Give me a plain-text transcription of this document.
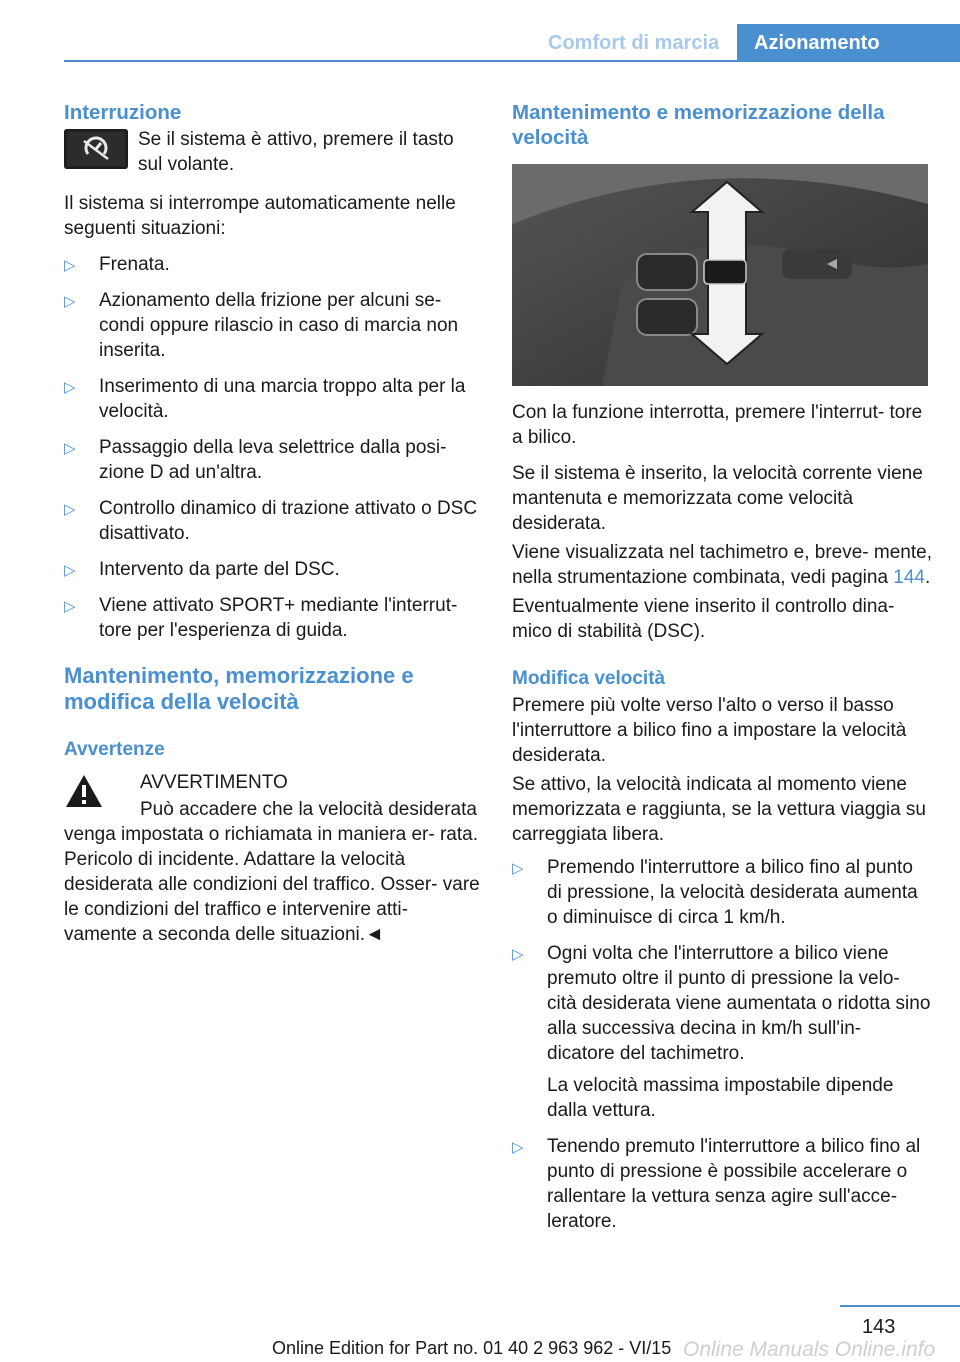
Comfort di marcia	Azionamento
Interruzione

Se il sistema è attivo, premere il tasto sul volante.

Il sistema si interrompe automaticamente nelle seguenti situazioni:

▷ Frenata.
▷ Azionamento della frizione per alcuni se- condi oppure rilascio in caso di marcia non inserita.
▷ Inserimento di una marcia troppo alta per la velocità.
▷ Passaggio della leva selettrice dalla posi- zione D ad un'altra.
▷ Controllo dinamico di trazione attivato o DSC disattivato.
▷ Intervento da parte del DSC.
▷ Viene attivato SPORT+ mediante l'interrut- tore per l'esperienza di guida.
Mantenimento, memorizzazione e modifica della velocità
Avvertenze

AVVERTIMENTO

Può accadere che la velocità desiderata venga impostata o richiamata in maniera er- rata. Pericolo di incidente. Adattare la velocità desiderata alle condizioni del traffico. Osser- vare le condizioni del traffico e intervenire atti- vamente a seconda delle situazioni.◄

Mantenimento e memorizzazione della velocità

Con la funzione interrotta, premere l'interrut- tore a bilico.

Se il sistema è inserito, la velocità corrente viene mantenuta e memorizzata come velocità desiderata.

Viene visualizzata nel tachimetro e, breve- mente, nella strumentazione combinata, vedi pagina 144.

Eventualmente viene inserito il controllo dina- mico di stabilità (DSC).

Modifica velocità

Premere più volte verso l'alto o verso il basso l'interruttore a bilico fino a impostare la velocità desiderata.

Se attivo, la velocità indicata al momento viene memorizzata e raggiunta, se la vettura viaggia su carreggiata libera.

▷ Premendo l'interruttore a bilico fino al punto di pressione, la velocità desiderata aumenta o diminuisce di circa 1 km/h.
▷ Ogni volta che l'interruttore a bilico viene premuto oltre il punto di pressione la velo- cità desiderata viene aumentata o ridotta sino alla successiva decina in km/h sull'in- dicatore del tachimetro.
La velocità massima impostabile dipende dalla vettura.
▷ Tenendo premuto l'interruttore a bilico fino al punto di pressione è possibile accelerare o rallentare la vettura senza agire sull'acce- leratore.
143
Online Edition for Part no. 01 40 2 963 962 - VI/15 Online Manuals Online.info
